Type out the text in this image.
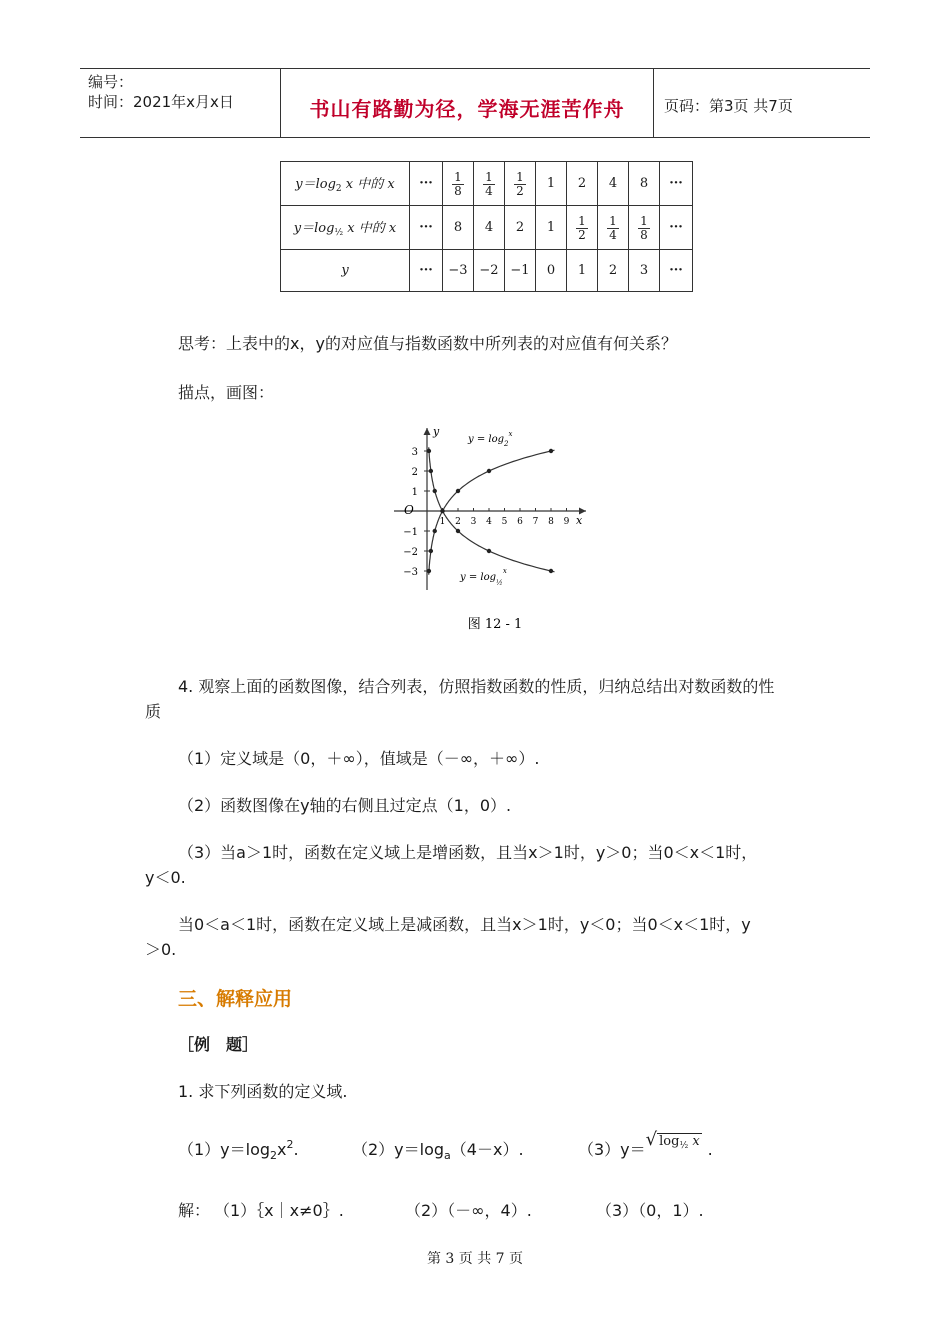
编号：
时间：2021年x月x日	书山有路勤为径，学海无涯苦作舟	页码：第3页 共7页
$y=\log_2$ x 中的 x	···	$\frac{1}{8}$	$\frac{1}{4}$	$\frac{1}{2}$	1	2	4	8	···
$y=\log_{\frac{1}{2}}$ x 中的 x	···	8	4	2	1	$\frac{1}{2}$	$\frac{1}{4}$	$\frac{1}{8}$	···
y	···	−3	−2	−1	0	1	2	3	···
思考：上表中的x，y的对应值与指数函数中所列表的对应值有何关系？
描点，画图：
3
2
1
−1
−2
−3
1 2 3 4 5 6 7 8 9
y
x
O
$y = \log_2^x$
$y = \log_{\frac{1}{2}}^x$
图 12 - 1
4. 观察上面的函数图像，结合列表，仿照指数函数的性质，归纳总结出对数函数的性
质
（1）定义域是（0，＋∞），值域是（－∞，＋∞）.
（2）函数图像在y轴的右侧且过定点（1，0）.
（3）当a＞1时，函数在定义域上是增函数，且当x＞1时，y＞0；当0＜x＜1时，
y＜0.
当0＜a＜1时，函数在定义域上是减函数，且当x＞1时，y＜0；当0＜x＜1时，y
＞0.
三、解释应用
［例　题］
1. 求下列函数的定义域.
$(1)y=\log_2x^2$.	$(2)y=\log_a(4-x)$.	（3）y＝√ $\log_{\frac{1}{2}} x$ .
解： （1）｛x｜x≠0｝.	（2）（－∞，4）.	（3）（0，1）.
第 3 页 共 7 页
